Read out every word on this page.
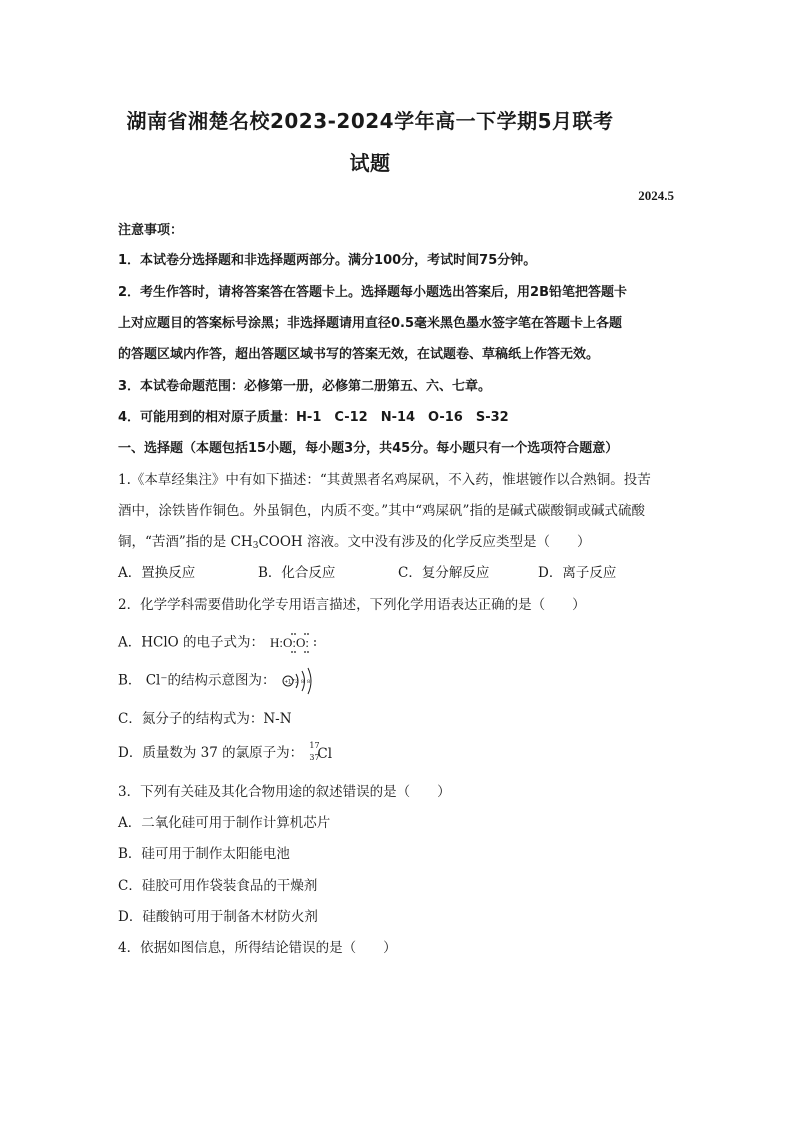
湖南省湘楚名校2023-2024学年高一下学期5月联考
试题
2024.5
注意事项：
1．本试卷分选择题和非选择题两部分。满分100分，考试时间75分钟。
2．考生作答时，请将答案答在答题卡上。选择题每小题选出答案后，用2B铅笔把答题卡
上对应题目的答案标号涂黑；非选择题请用直径0.5毫米黑色墨水签字笔在答题卡上各题
的答题区域内作答，超出答题区域书写的答案无效，在试题卷、草稿纸上作答无效。
3．本试卷命题范围：必修第一册，必修第二册第五、六、七章。
4．可能用到的相对原子质量：H-1　C-12　N-14　O-16　S-32
一、选择题（本题包括15小题，每小题3分，共45分。每小题只有一个选项符合题意）
1.《本草经集注》中有如下描述：“其黄黑者名鸡屎矾，不入药，惟堪镀作以合熟铜。投苦
酒中，涂铁皆作铜色。外虽铜色，内质不变。”其中“鸡屎矾”指的是碱式碳酸铜或碱式硫酸
铜，“苦酒”指的是 $CH_3COOH$ 溶液。文中没有涉及的化学反应类型是（　　）
A．置换反应	B．化合反应	C．复分解反应	D．离子反应
2．化学学科需要借助化学专用语言描述，下列化学用语表达正确的是（　　）
A．HClO 的电子式为： H:O:O:
B． Cl⁻的结构示意图为： +17 2 8 8
C．氮分子的结构式为：N-N
D．质量数为 37 的氯原子为： 17
37
Cl
3．下列有关硅及其化合物用途的叙述错误的是（　　）
A．二氧化硅可用于制作计算机芯片
B．硅可用于制作太阳能电池
C．硅胶可用作袋装食品的干燥剂
D．硅酸钠可用于制备木材防火剂
4．依据如图信息，所得结论错误的是（　　）
